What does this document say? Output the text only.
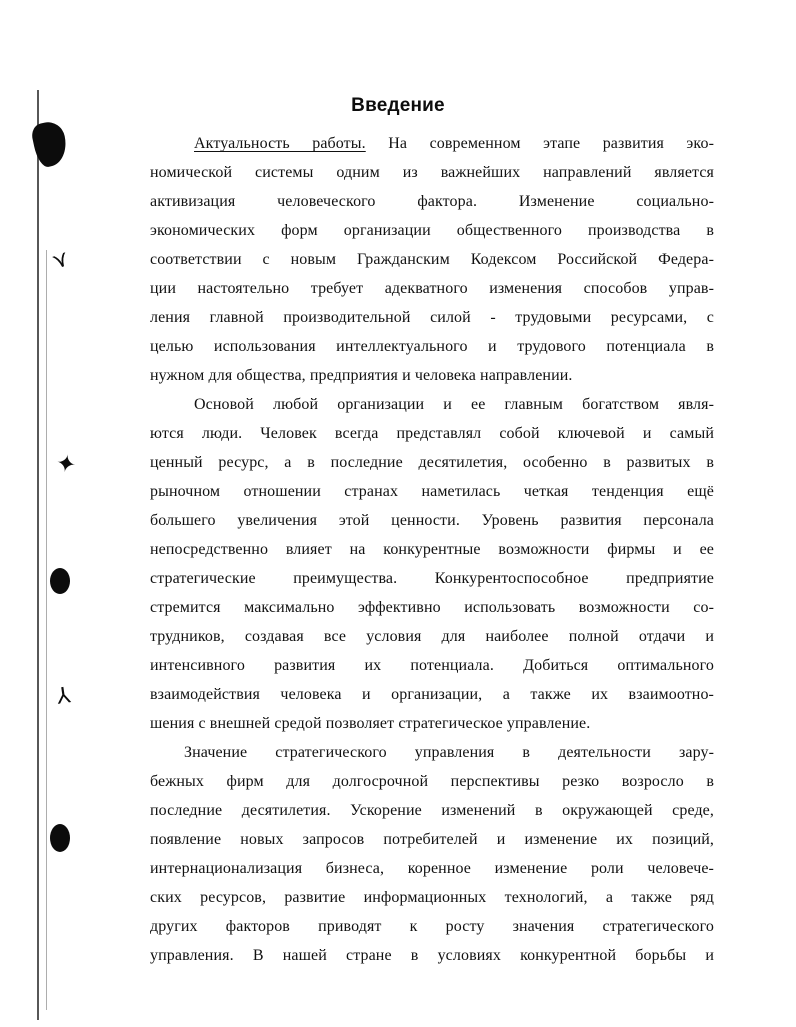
⋎
✦
⅄
Введение
Актуальность работы. На современном этапе развития эко-
номической системы одним из важнейших направлений является
активизация человеческого фактора. Изменение социально-
экономических форм организации общественного производства в
соответствии с новым Гражданским Кодексом Российской Федера-
ции настоятельно требует адекватного изменения способов управ-
ления главной производительной силой - трудовыми ресурсами, с
целью использования интеллектуального и трудового потенциала в
нужном для общества, предприятия и человека направлении.
Основой любой организации и ее главным богатством явля-
ются люди. Человек всегда представлял собой ключевой и самый
ценный ресурс, а в последние десятилетия, особенно в развитых в
рыночном отношении странах наметилась четкая тенденция ещё
большего увеличения этой ценности. Уровень развития персонала
непосредственно влияет на конкурентные возможности фирмы и ее
стратегические преимущества. Конкурентоспособное предприятие
стремится максимально эффективно использовать возможности со-
трудников, создавая все условия для наиболее полной отдачи и
интенсивного развития их потенциала. Добиться оптимального
взаимодействия человека и организации, а также их взаимоотно-
шения с внешней средой позволяет стратегическое управление.
Значение стратегического управления в деятельности зару-
бежных фирм для долгосрочной перспективы резко возросло в
последние десятилетия. Ускорение изменений в окружающей среде,
появление новых запросов потребителей и изменение их позиций,
интернационализация бизнеса, коренное изменение роли человече-
ских ресурсов, развитие информационных технологий, а также ряд
других факторов приводят к росту значения стратегического
управления. В нашей стране в условиях конкурентной борьбы и
